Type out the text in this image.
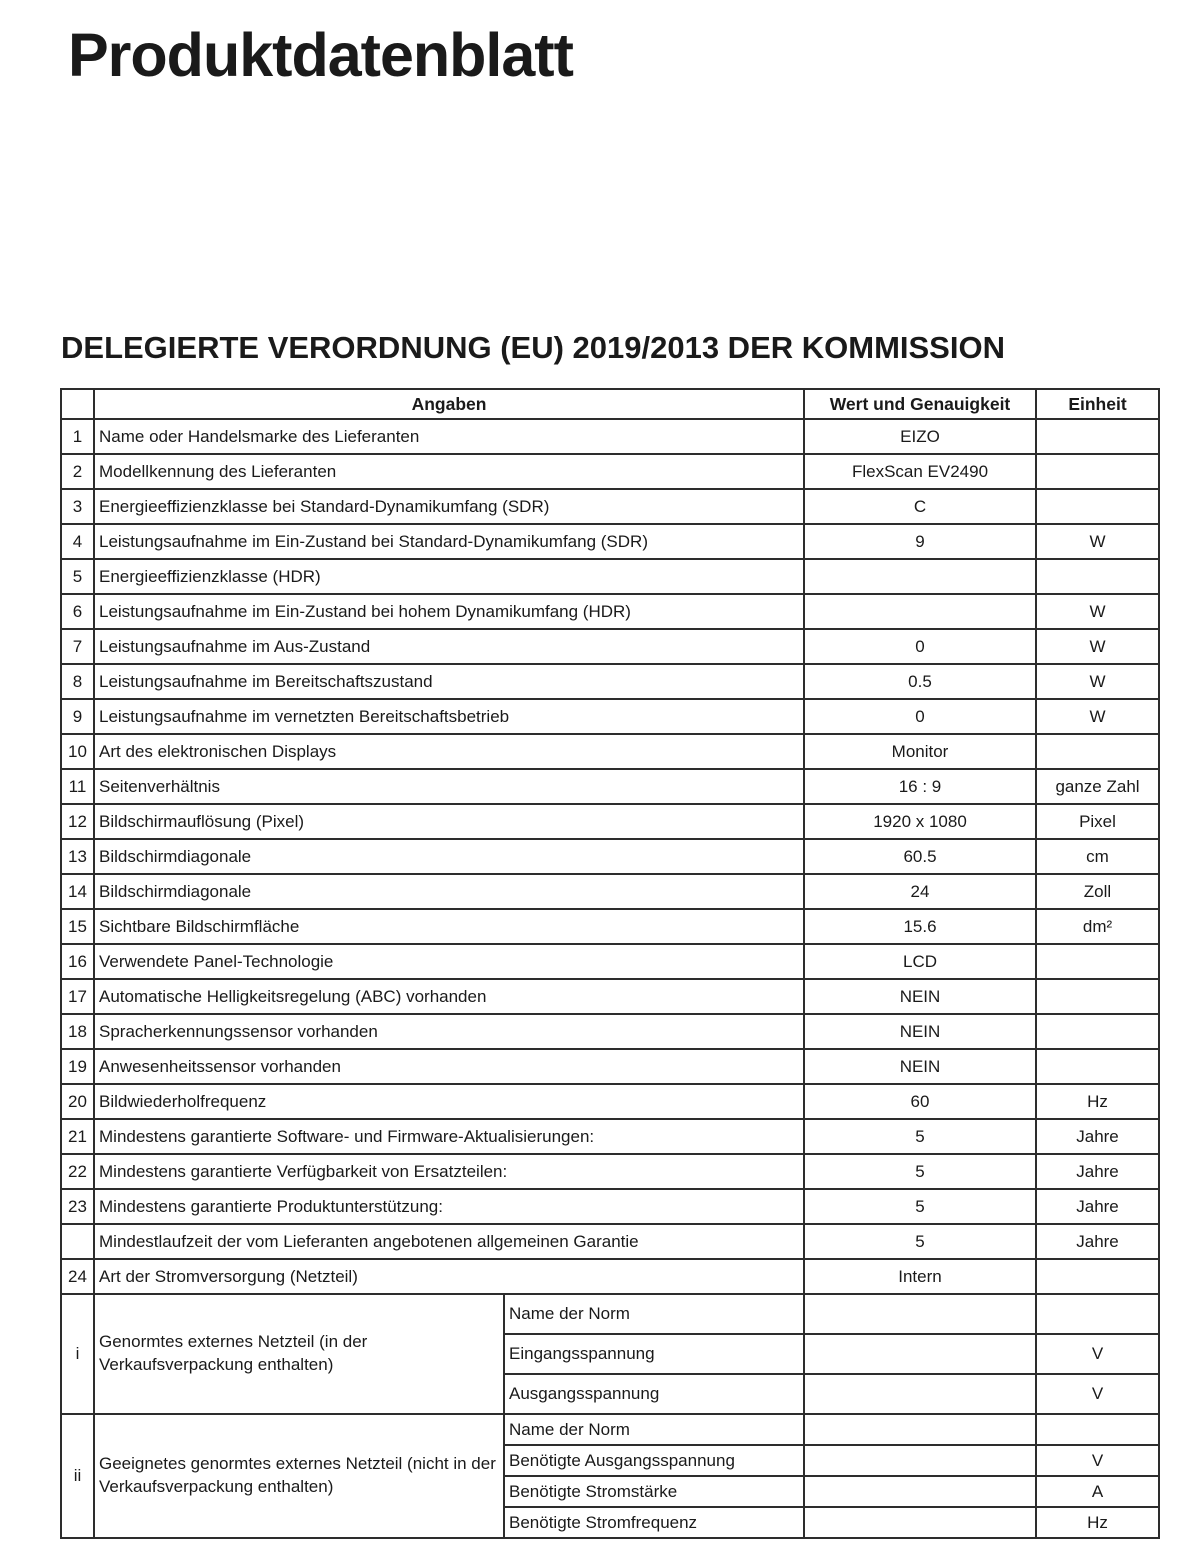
Produktdatenblatt
DELEGIERTE VERORDNUNG (EU) 2019/2013 DER KOMMISSION
	Angaben		Wert und Genauigkeit	Einheit
1	Name oder Handelsmarke des Lieferanten		EIZO	
2	Modellkennung des Lieferanten		FlexScan EV2490	
3	Energieeffizienzklasse bei Standard-Dynamikumfang (SDR)		C	
4	Leistungsaufnahme im Ein-Zustand bei Standard-Dynamikumfang (SDR)		9	W
5	Energieeffizienzklasse (HDR)			
6	Leistungsaufnahme im Ein-Zustand bei hohem Dynamikumfang (HDR)			W
7	Leistungsaufnahme im Aus-Zustand		0	W
8	Leistungsaufnahme im Bereitschaftszustand		0.5	W
9	Leistungsaufnahme im vernetzten Bereitschaftsbetrieb		0	W
10	Art des elektronischen Displays		Monitor	
11	Seitenverhältnis		16 : 9	ganze Zahl
12	Bildschirmauflösung (Pixel)		1920 x 1080	Pixel
13	Bildschirmdiagonale		60.5	cm
14	Bildschirmdiagonale		24	Zoll
15	Sichtbare Bildschirmfläche		15.6	dm²
16	Verwendete Panel-Technologie		LCD	
17	Automatische Helligkeitsregelung (ABC) vorhanden		NEIN	
18	Spracherkennungssensor vorhanden		NEIN	
19	Anwesenheitssensor vorhanden		NEIN	
20	Bildwiederholfrequenz		60	Hz
21	Mindestens garantierte Software- und Firmware-Aktualisierungen:		5	Jahre
22	Mindestens garantierte Verfügbarkeit von Ersatzteilen:		5	Jahre
23	Mindestens garantierte Produktunterstützung:		5	Jahre
	Mindestlaufzeit der vom Lieferanten angebotenen allgemeinen Garantie		5	Jahre
24	Art der Stromversorgung (Netzteil)		Intern	
i	Genormtes externes Netzteil (in der Verkaufsverpackung enthalten)	Name der Norm		
		Eingangsspannung		V
		Ausgangsspannung		V
ii	Geeignetes genormtes externes Netzteil (nicht in der Verkaufsverpackung enthalten)	Name der Norm		
		Benötigte Ausgangsspannung		V
		Benötigte Stromstärke		A
		Benötigte Stromfrequenz		Hz
